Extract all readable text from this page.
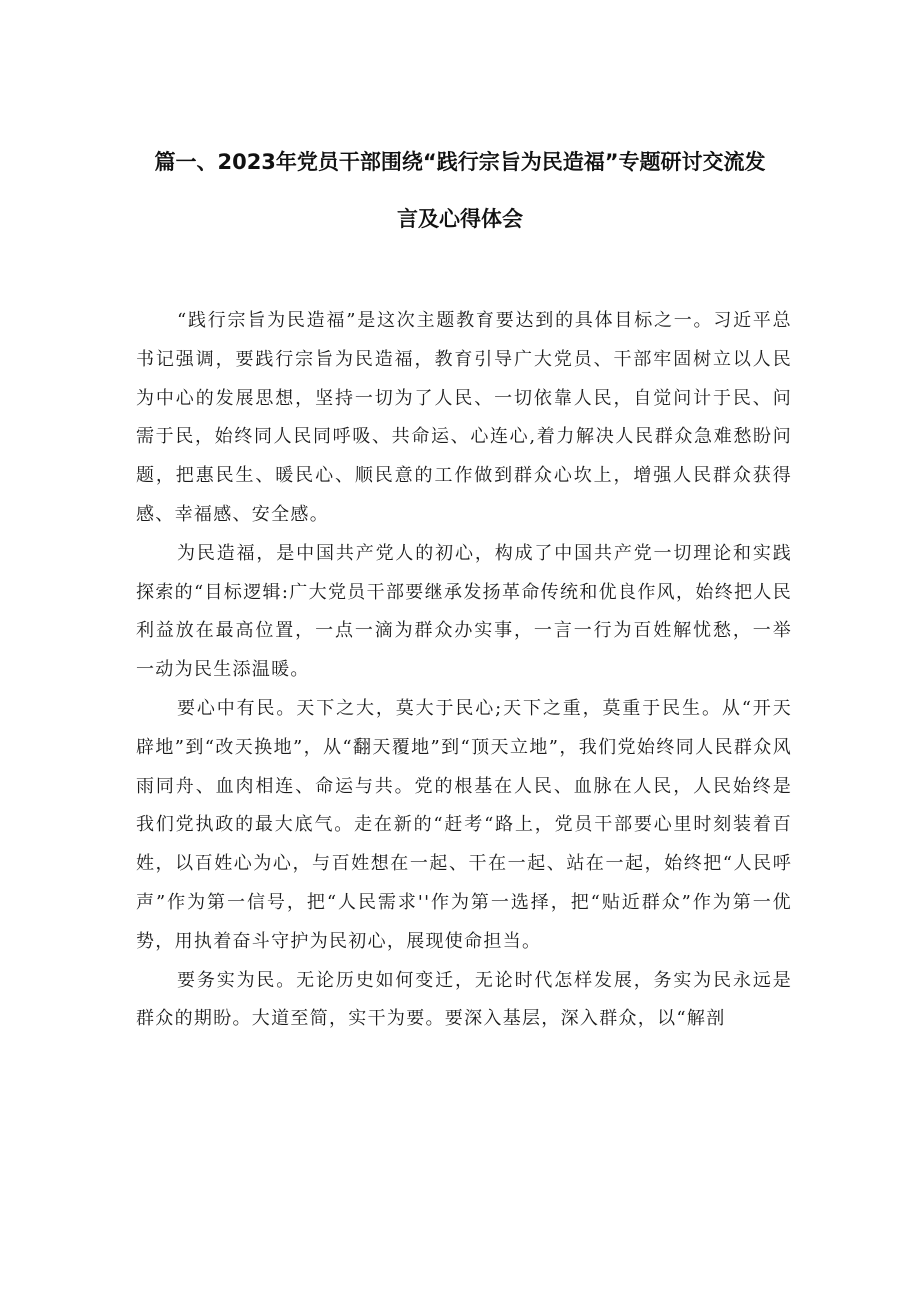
篇一、2023年党员干部围绕“践行宗旨为民造福”专题研讨交流发
言及心得体会

“践行宗旨为民造福”是这次主题教育要达到的具体目标之一。习近平总书记强调，要践行宗旨为民造福，教育引导广大党员、干部牢固树立以人民为中心的发展思想，坚持一切为了人民、一切依靠人民，自觉问计于民、问需于民，始终同人民同呼吸、共命运、心连心,着力解决人民群众急难愁盼问题，把惠民生、暖民心、顺民意的工作做到群众心坎上，增强人民群众获得感、幸福感、安全感。

为民造福，是中国共产党人的初心，构成了中国共产党一切理论和实践探索的“目标逻辑:广大党员干部要继承发扬革命传统和优良作风，始终把人民利益放在最高位置，一点一滴为群众办实事，一言一行为百姓解忧愁，一举一动为民生添温暖。

要心中有民。天下之大，莫大于民心;天下之重，莫重于民生。从“开天辟地”到“改天换地”，从“翻天覆地”到“顶天立地”，我们党始终同人民群众风雨同舟、血肉相连、命运与共。党的根基在人民、血脉在人民，人民始终是我们党执政的最大底气。走在新的“赶考“路上，党员干部要心里时刻装着百姓，以百姓心为心，与百姓想在一起、干在一起、站在一起，始终把“人民呼声”作为第一信号，把“人民需求''作为第一选择，把“贴近群众”作为第一优势，用执着奋斗守护为民初心，展现使命担当。

要务实为民。无论历史如何变迁，无论时代怎样发展，务实为民永远是群众的期盼。大道至简，实干为要。要深入基层，深入群众，以“解剖
